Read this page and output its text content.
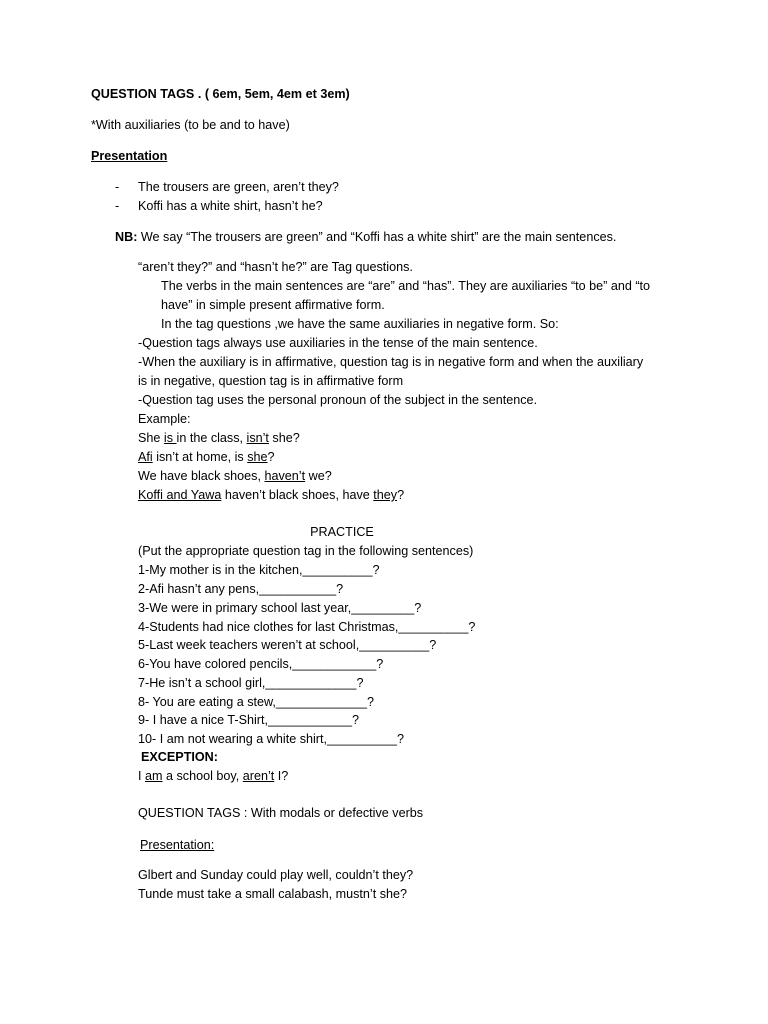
QUESTION TAGS . ( 6em, 5em, 4em et 3em)
*With auxiliaries (to be and to have)
Presentation
- The trousers are green, aren’t they?
- Koffi has a white shirt, hasn’t he?
NB: We say “The trousers are green” and “Koffi has a white shirt” are the main sentences.
“aren’t they?” and “hasn’t he?” are Tag questions.
The verbs in the main sentences are “are” and “has”. They are auxiliaries “to be” and “to
have” in simple present affirmative form.
In the tag questions ,we have the same auxiliaries in negative form. So:
-Question tags always use auxiliaries in the tense of the main sentence.
-When the auxiliary is in affirmative, question tag is in negative form and when the auxiliary
is in negative, question tag is in affirmative form
-Question tag uses the personal pronoun of the subject in the sentence.
Example:
She is in the class, isn’t she?
Afi isn’t at home, is she?
We have black shoes, haven’t we?
Koffi and Yawa haven’t black shoes, have they?
PRACTICE
(Put the appropriate question tag in the following sentences)
1-My mother is in the kitchen,__________?
2-Afi hasn’t any pens,___________?
3-We were in primary school last year,_________?
4-Students had nice clothes for last Christmas,__________?
5-Last week teachers weren’t at school,__________?
6-You have colored pencils,____________?
7-He isn’t a school girl,_____________?
8- You are eating a stew,_____________?
9- I have a nice T-Shirt,____________?
10- I am not wearing a white shirt,__________?
EXCEPTION:
I am a school boy, aren’t I?
QUESTION TAGS : With modals or defective verbs
Presentation:
Glbert and Sunday could play well, couldn’t they?
Tunde must take a small calabash, mustn’t she?
